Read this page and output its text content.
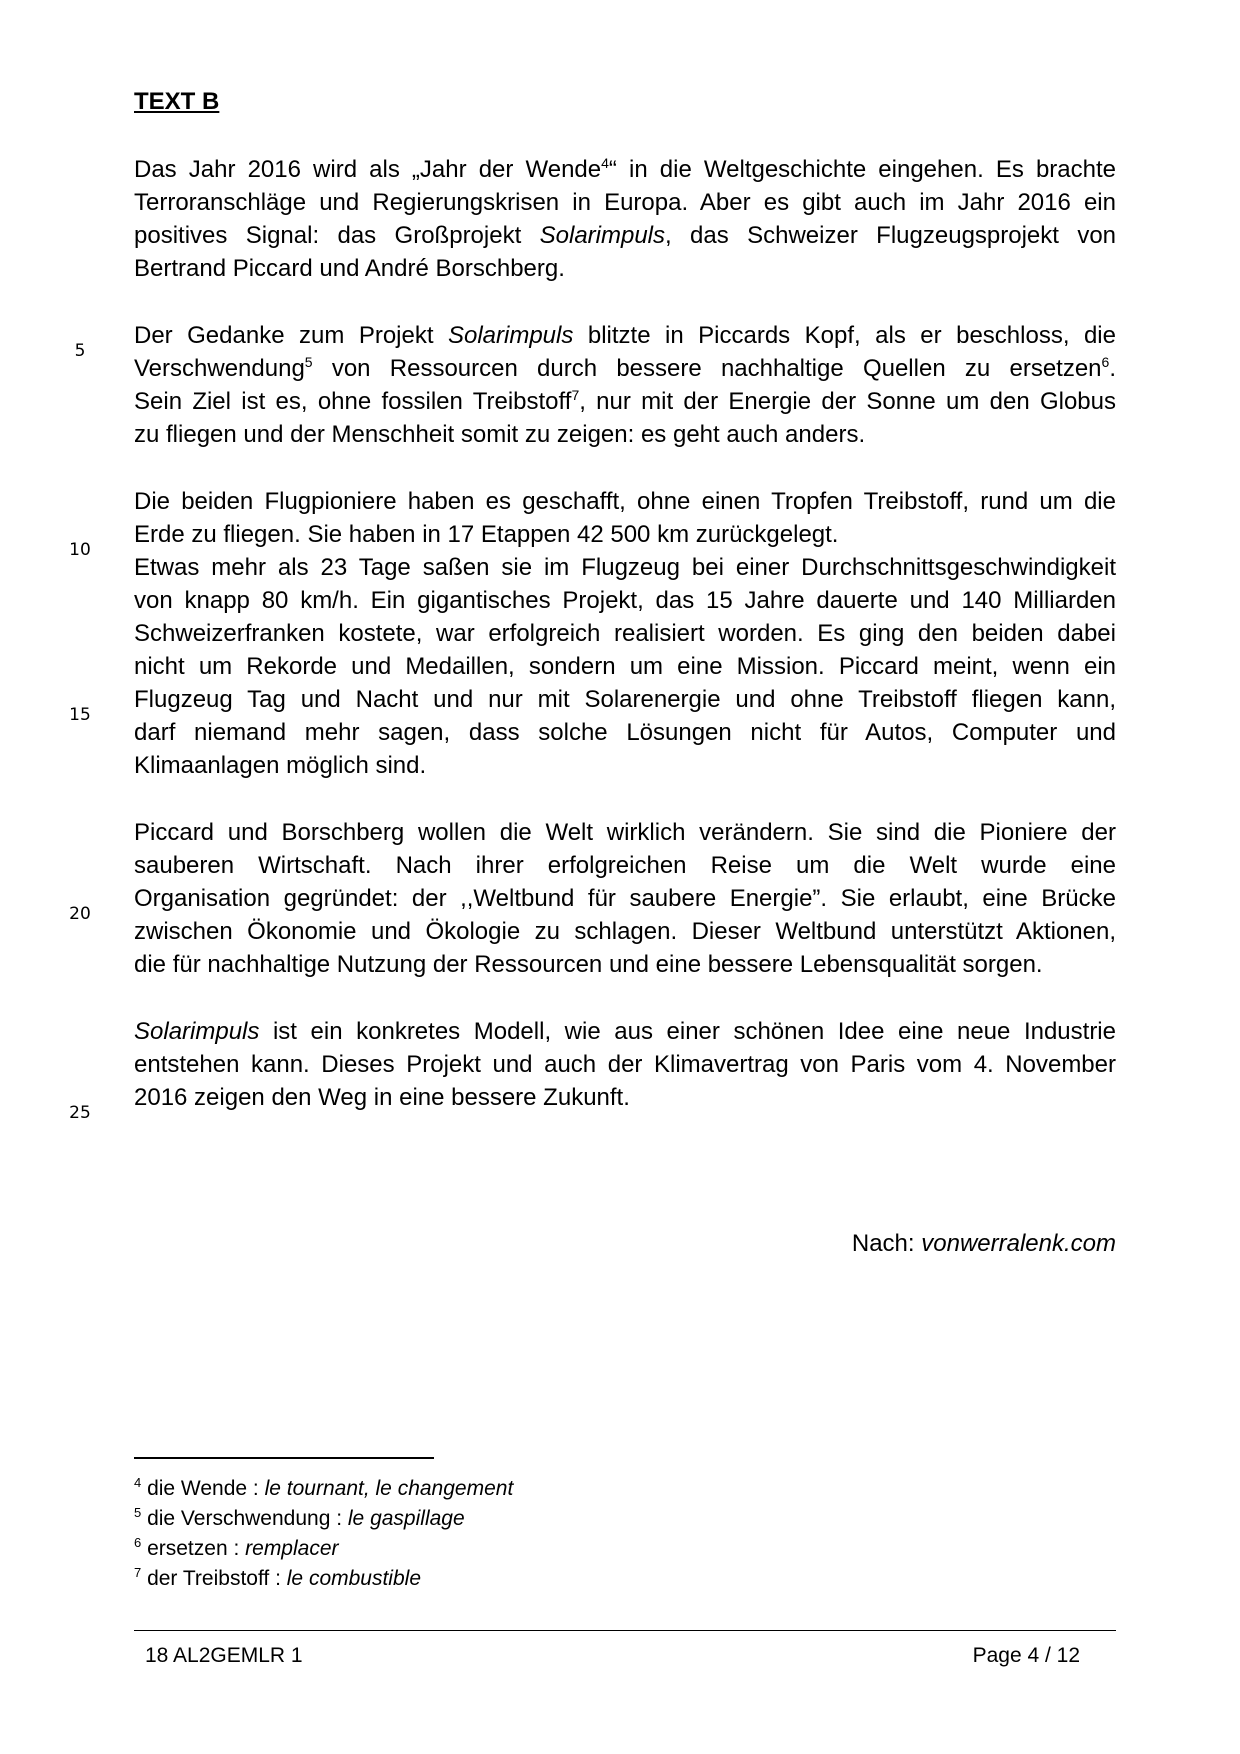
TEXT B
Das Jahr 2016 wird als „Jahr der Wende$^4$“ in die Weltgeschichte eingehen. Es brachte
Terroranschläge und Regierungskrisen in Europa. Aber es gibt auch im Jahr 2016 ein
positives Signal: das Großprojekt Solarimpuls, das Schweizer Flugzeugsprojekt von
Bertrand Piccard und André Borschberg.
Der Gedanke zum Projekt Solarimpuls blitzte in Piccards Kopf, als er beschloss, die
Verschwendung$^5$ von Ressourcen durch bessere nachhaltige Quellen zu ersetzen$^6$.
Sein Ziel ist es, ohne fossilen Treibstoff$^7$, nur mit der Energie der Sonne um den Globus
zu fliegen und der Menschheit somit zu zeigen: es geht auch anders.
Die beiden Flugpioniere haben es geschafft, ohne einen Tropfen Treibstoff, rund um die
Erde zu fliegen. Sie haben in 17 Etappen 42 500 km zurückgelegt.
Etwas mehr als 23 Tage saßen sie im Flugzeug bei einer Durchschnittsgeschwindigkeit
von knapp 80 km/h. Ein gigantisches Projekt, das 15 Jahre dauerte und 140 Milliarden
Schweizerfranken kostete, war erfolgreich realisiert worden. Es ging den beiden dabei
nicht um Rekorde und Medaillen, sondern um eine Mission. Piccard meint, wenn ein
Flugzeug Tag und Nacht und nur mit Solarenergie und ohne Treibstoff fliegen kann,
darf niemand mehr sagen, dass solche Lösungen nicht für Autos, Computer und
Klimaanlagen möglich sind.
Piccard und Borschberg wollen die Welt wirklich verändern. Sie sind die Pioniere der
sauberen Wirtschaft. Nach ihrer erfolgreichen Reise um die Welt wurde eine
Organisation gegründet: der ,,Weltbund für saubere Energie”. Sie erlaubt, eine Brücke
zwischen Ökonomie und Ökologie zu schlagen. Dieser Weltbund unterstützt Aktionen,
die für nachhaltige Nutzung der Ressourcen und eine bessere Lebensqualität sorgen.
Solarimpuls ist ein konkretes Modell, wie aus einer schönen Idee eine neue Industrie
entstehen kann. Dieses Projekt und auch der Klimavertrag von Paris vom 4. November
2016 zeigen den Weg in eine bessere Zukunft.
5
10
15
20
25
Nach: vonwerralenk.com
$^4$ die Wende : le tournant, le changement
$^5$ die Verschwendung : le gaspillage
$^6$ ersetzen : remplacer
$^7$ der Treibstoff : le combustible
18 AL2GEMLR 1	Page 4 / 12
